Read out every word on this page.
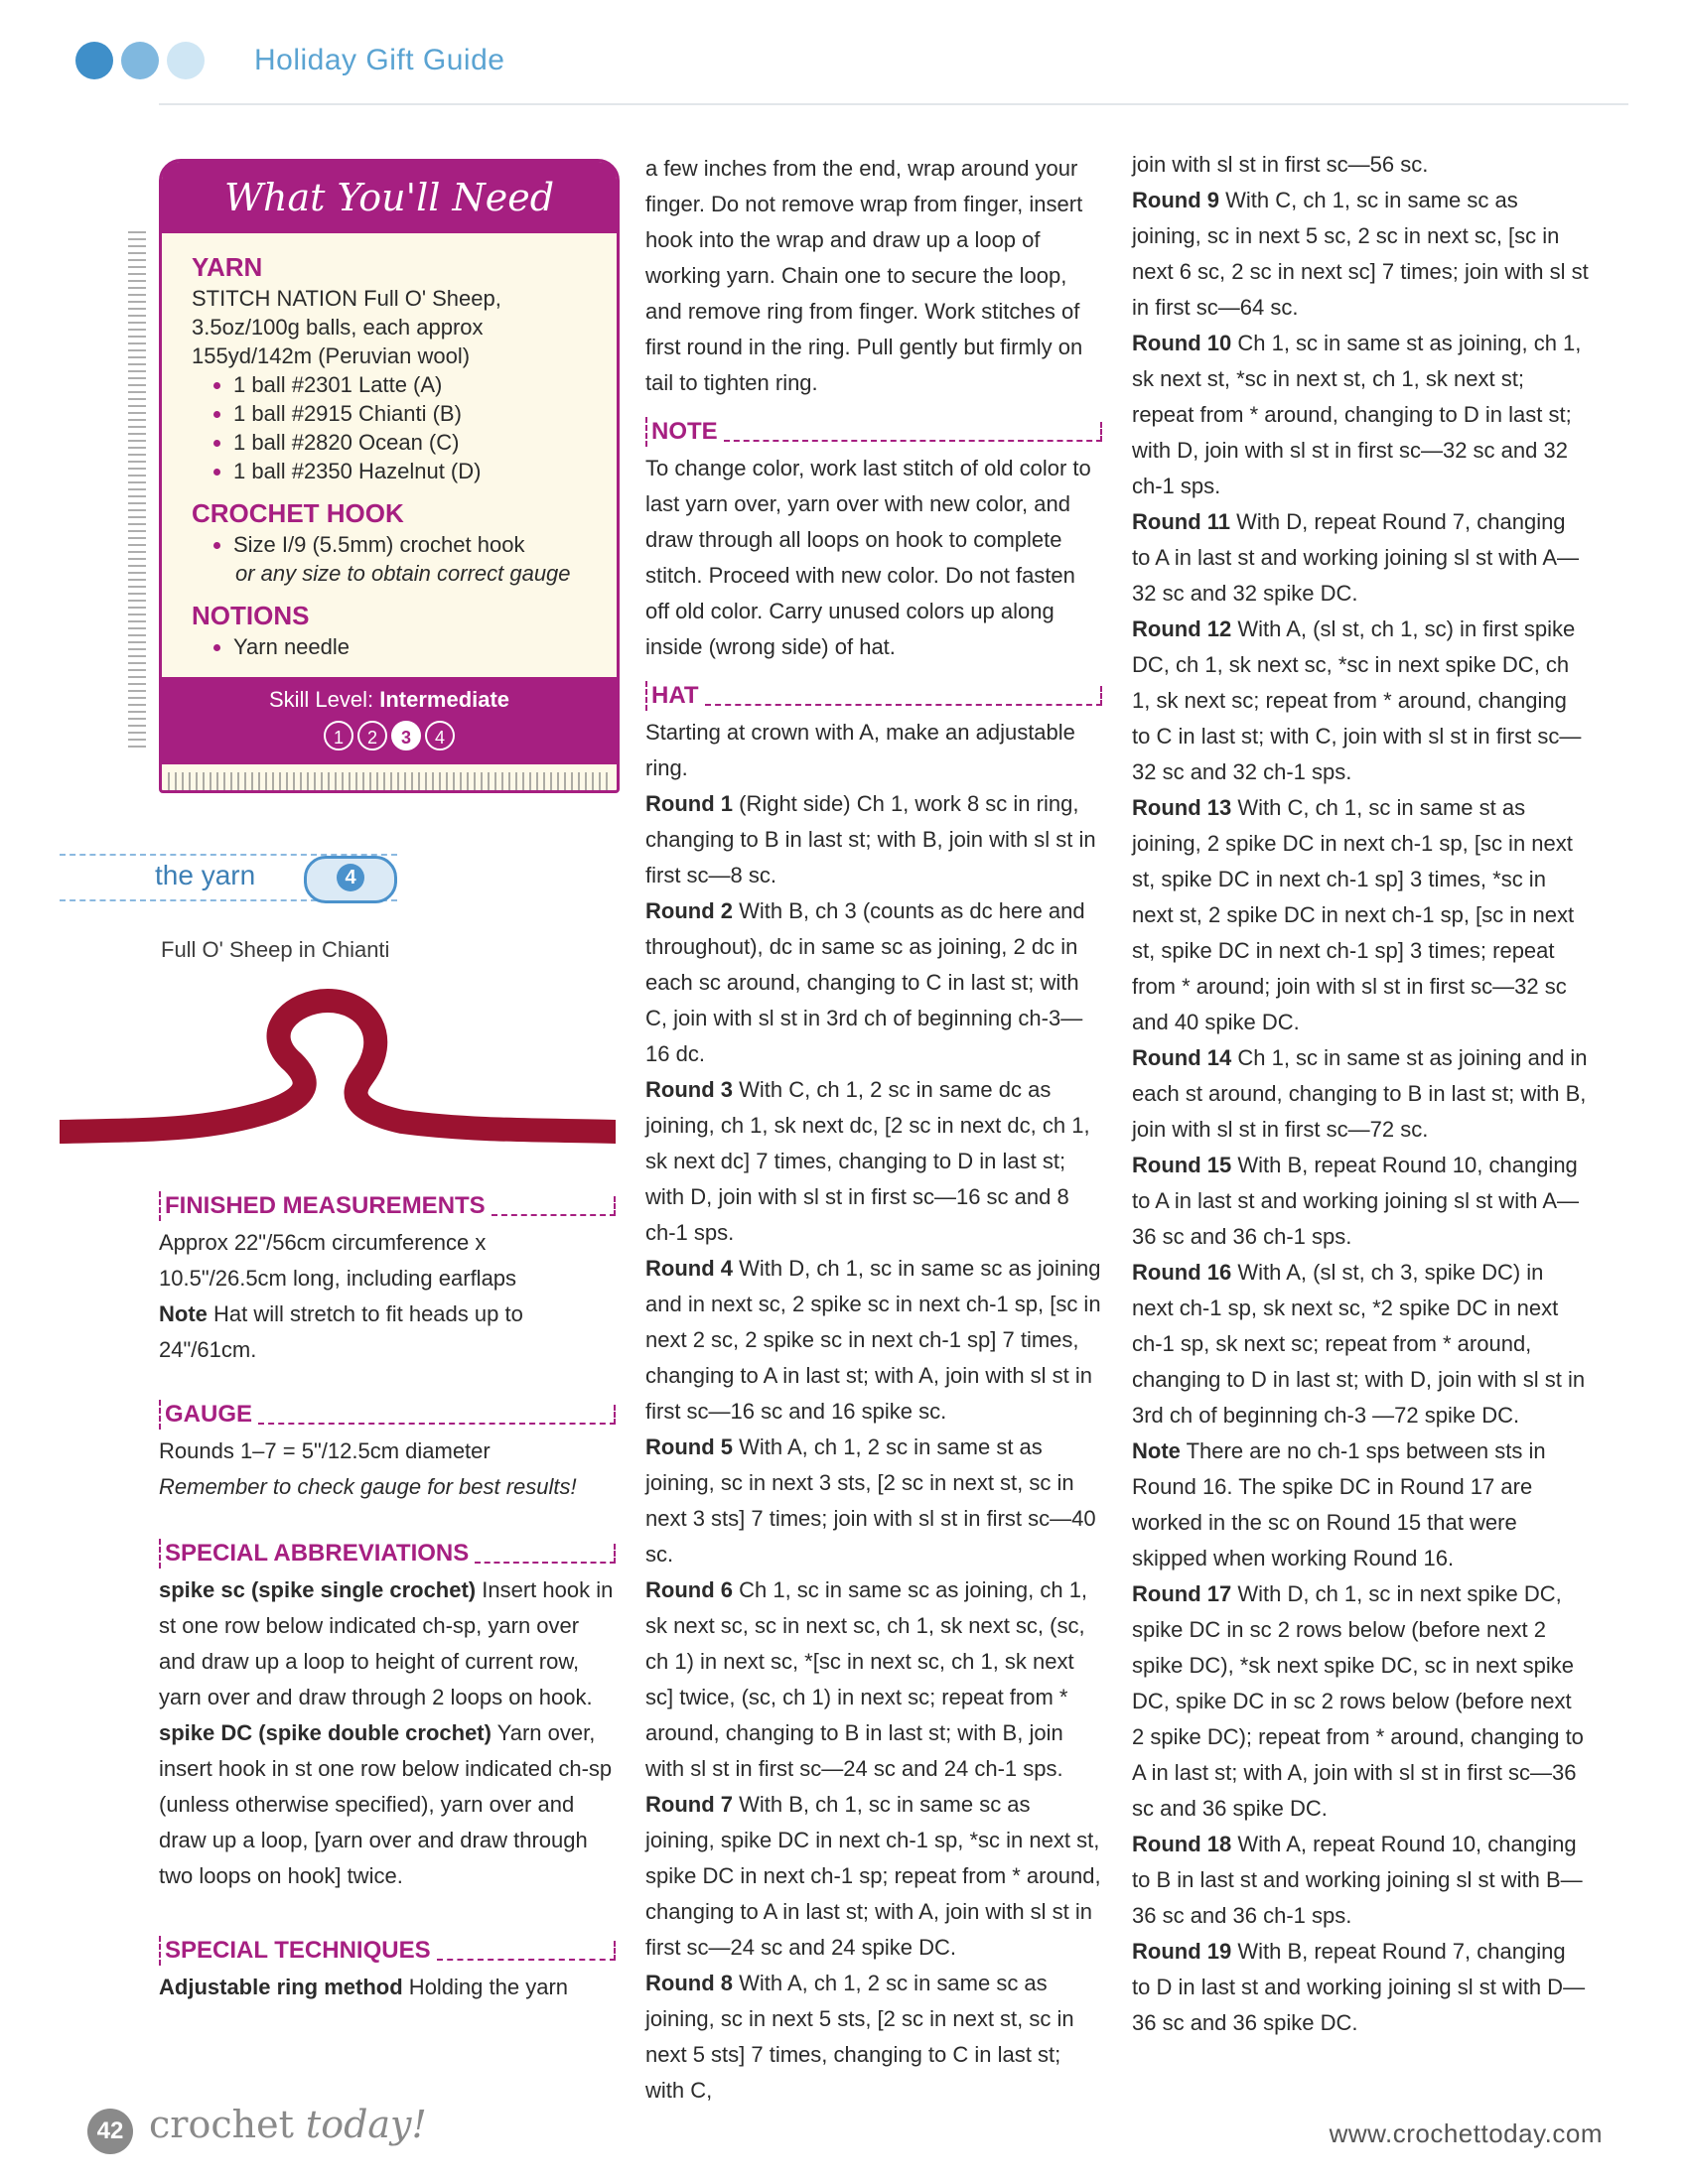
Holiday Gift Guide
What You'll Need
YARN
STITCH NATION Full O' Sheep,
3.5oz/100g balls, each approx
155yd/142m (Peruvian wool)
• 1 ball #2301 Latte (A)
• 1 ball #2915 Chianti (B)
• 1 ball #2820 Ocean (C)
• 1 ball #2350 Hazelnut (D)
CROCHET HOOK
• Size I/9 (5.5mm) crochet hook
or any size to obtain correct gauge
NOTIONS
• Yarn needle
Skill Level: Intermediate
1	2	3	4
the yarn	4
Full O' Sheep in Chianti
FINISHED MEASUREMENTS
Approx 22"/56cm circumference x 10.5"/26.5cm long, including earflaps
Note Hat will stretch to fit heads up to 24"/61cm.
GAUGE
Rounds 1–7 = 5"/12.5cm diameter
Remember to check gauge for best results!
SPECIAL ABBREVIATIONS
spike sc (spike single crochet) Insert hook in st one row below indicated ch-sp, yarn over and draw up a loop to height of current row, yarn over and draw through 2 loops on hook.
spike DC (spike double crochet) Yarn over, insert hook in st one row below indicated ch-sp (unless otherwise specified), yarn over and draw up a loop, [yarn over and draw through two loops on hook] twice.
SPECIAL TECHNIQUES
Adjustable ring method Holding the yarn

a few inches from the end, wrap around your finger. Do not remove wrap from finger, insert hook into the wrap and draw up a loop of working yarn. Chain one to secure the loop, and remove ring from finger. Work stitches of first round in the ring. Pull gently but firmly on tail to tighten ring.

NOTE

To change color, work last stitch of old color to last yarn over, yarn over with new color, and draw through all loops on hook to complete stitch. Proceed with new color. Do not fasten off old color. Carry unused colors up along inside (wrong side) of hat.

HAT

Starting at crown with A, make an adjustable ring.

Round 1 (Right side) Ch 1, work 8 sc in ring, changing to B in last st; with B, join with sl st in first sc—8 sc.

Round 2 With B, ch 3 (counts as dc here and throughout), dc in same sc as joining, 2 dc in each sc around, changing to C in last st; with C, join with sl st in 3rd ch of beginning ch-3—16 dc.

Round 3 With C, ch 1, 2 sc in same dc as joining, ch 1, sk next dc, [2 sc in next dc, ch 1, sk next dc] 7 times, changing to D in last st; with D, join with sl st in first sc—16 sc and 8 ch-1 sps.

Round 4 With D, ch 1, sc in same sc as joining and in next sc, 2 spike sc in next ch-1 sp, [sc in next 2 sc, 2 spike sc in next ch-1 sp] 7 times, changing to A in last st; with A, join with sl st in first sc—16 sc and 16 spike sc.

Round 5 With A, ch 1, 2 sc in same st as joining, sc in next 3 sts, [2 sc in next st, sc in next 3 sts] 7 times; join with sl st in first sc—40 sc.

Round 6 Ch 1, sc in same sc as joining, ch 1, sk next sc, sc in next sc, ch 1, sk next sc, (sc, ch 1) in next sc, *[sc in next sc, ch 1, sk next sc] twice, (sc, ch 1) in next sc; repeat from * around, changing to B in last st; with B, join with sl st in first sc—24 sc and 24 ch-1 sps.

Round 7 With B, ch 1, sc in same sc as joining, spike DC in next ch-1 sp, *sc in next st, spike DC in next ch-1 sp; repeat from * around, changing to A in last st; with A, join with sl st in first sc—24 sc and 24 spike DC.

Round 8 With A, ch 1, 2 sc in same sc as joining, sc in next 5 sts, [2 sc in next st, sc in next 5 sts] 7 times, changing to C in last st; with C,

join with sl st in first sc—56 sc.

Round 9 With C, ch 1, sc in same sc as joining, sc in next 5 sc, 2 sc in next sc, [sc in next 6 sc, 2 sc in next sc] 7 times; join with sl st in first sc—64 sc.

Round 10 Ch 1, sc in same st as joining, ch 1, sk next st, *sc in next st, ch 1, sk next st; repeat from * around, changing to D in last st; with D, join with sl st in first sc—32 sc and 32 ch-1 sps.

Round 11 With D, repeat Round 7, changing to A in last st and working joining sl st with A—32 sc and 32 spike DC.

Round 12 With A, (sl st, ch 1, sc) in first spike DC, ch 1, sk next sc, *sc in next spike DC, ch 1, sk next sc; repeat from * around, changing to C in last st; with C, join with sl st in first sc—32 sc and 32 ch-1 sps.

Round 13 With C, ch 1, sc in same st as joining, 2 spike DC in next ch-1 sp, [sc in next st, spike DC in next ch-1 sp] 3 times, *sc in next st, 2 spike DC in next ch-1 sp, [sc in next st, spike DC in next ch-1 sp] 3 times; repeat from * around; join with sl st in first sc—32 sc and 40 spike DC.

Round 14 Ch 1, sc in same st as joining and in each st around, changing to B in last st; with B, join with sl st in first sc—72 sc.

Round 15 With B, repeat Round 10, changing to A in last st and working joining sl st with A—36 sc and 36 ch-1 sps.

Round 16 With A, (sl st, ch 3, spike DC) in next ch-1 sp, sk next sc, *2 spike DC in next ch-1 sp, sk next sc; repeat from * around, changing to D in last st; with D, join with sl st in 3rd ch of beginning ch-3 —72 spike DC.

Note There are no ch-1 sps between sts in Round 16. The spike DC in Round 17 are worked in the sc on Round 15 that were skipped when working Round 16.

Round 17 With D, ch 1, sc in next spike DC, spike DC in sc 2 rows below (before next 2 spike DC), *sk next spike DC, sc in next spike DC, spike DC in sc 2 rows below (before next 2 spike DC); repeat from * around, changing to A in last st; with A, join with sl st in first sc—36 sc and 36 spike DC.

Round 18 With A, repeat Round 10, changing to B in last st and working joining sl st with B—36 sc and 36 ch-1 sps.

Round 19 With B, repeat Round 7, changing to D in last st and working joining sl st with D—36 sc and 36 spike DC.

42 crochet today!	www.crochettoday.com
